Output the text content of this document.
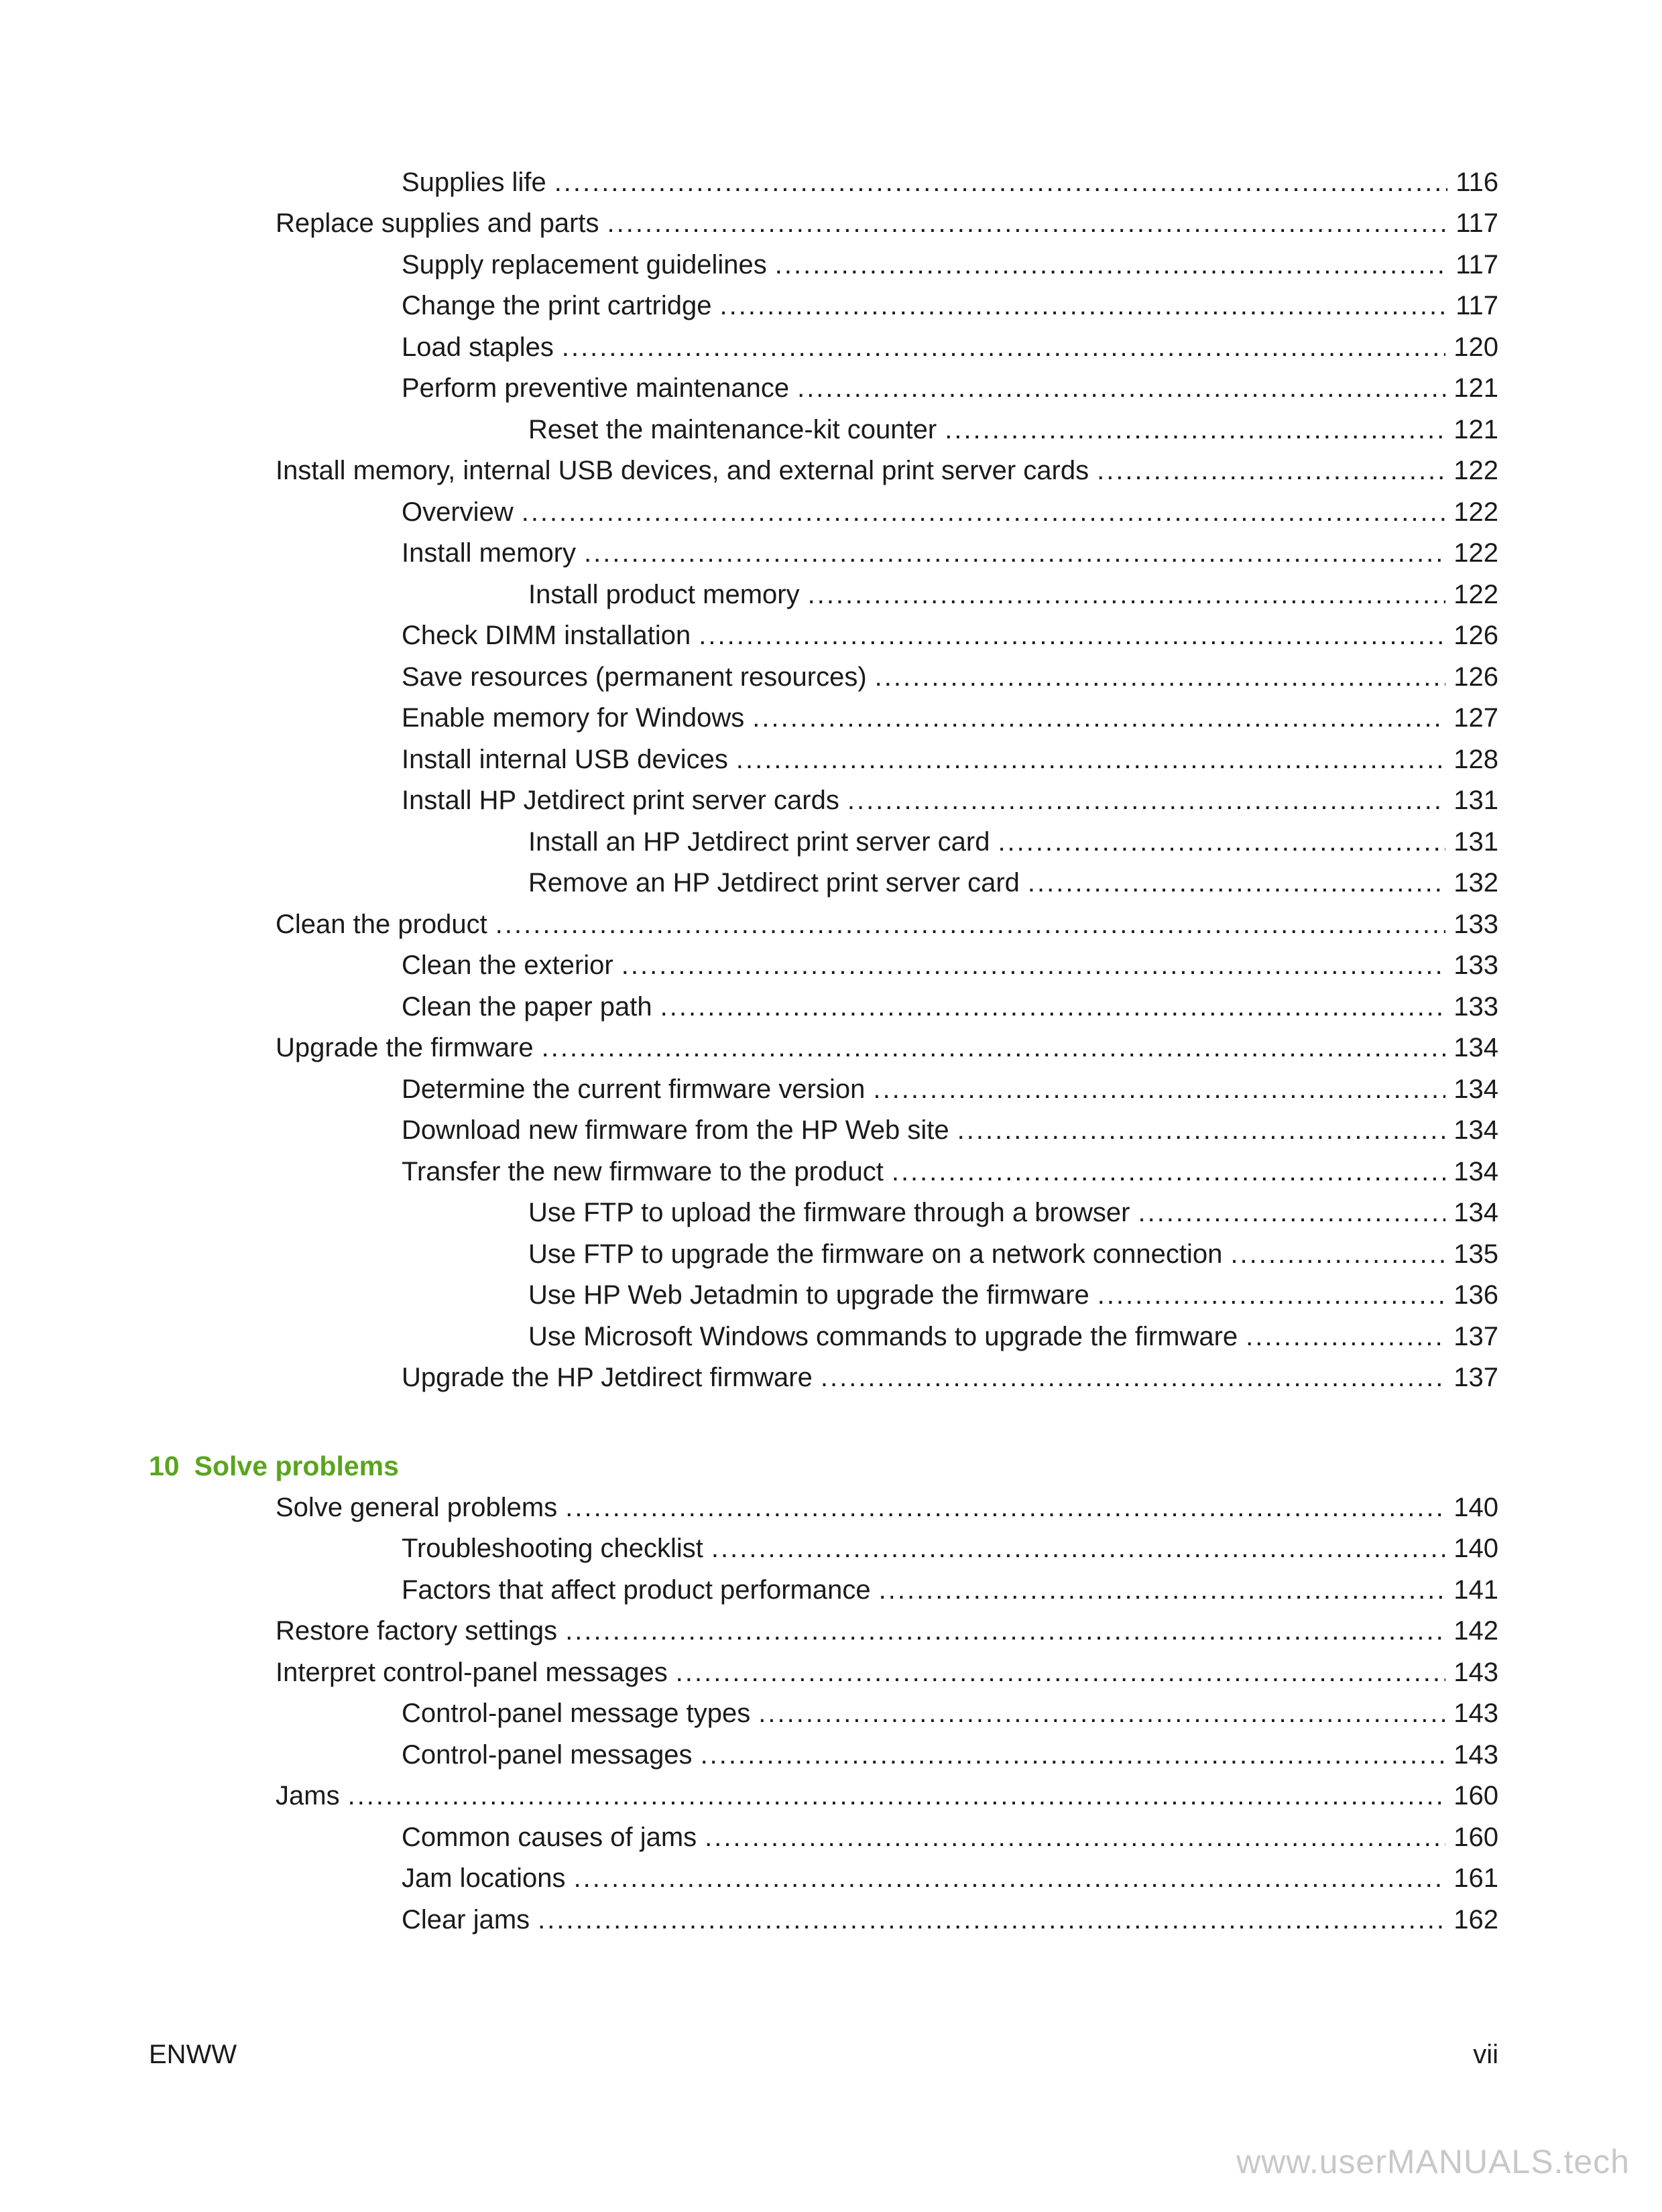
Supplies life .....	116
Replace supplies and parts .....	117
Supply replacement guidelines .....	117
Change the print cartridge .....	117
Load staples .....	120
Perform preventive maintenance .....	121
Reset the maintenance-kit counter .....	121
Install memory, internal USB devices, and external print server cards .....	122
Overview .....	122
Install memory .....	122
Install product memory .....	122
Check DIMM installation .....	126
Save resources (permanent resources) .....	126
Enable memory for Windows .....	127
Install internal USB devices .....	128
Install HP Jetdirect print server cards .....	131
Install an HP Jetdirect print server card .....	131
Remove an HP Jetdirect print server card .....	132
Clean the product .....	133
Clean the exterior .....	133
Clean the paper path .....	133
Upgrade the firmware .....	134
Determine the current firmware version .....	134
Download new firmware from the HP Web site .....	134
Transfer the new firmware to the product .....	134
Use FTP to upload the firmware through a browser .....	134
Use FTP to upgrade the firmware on a network connection .....	135
Use HP Web Jetadmin to upgrade the firmware .....	136
Use Microsoft Windows commands to upgrade the firmware .....	137
Upgrade the HP Jetdirect firmware .....	137
10 Solve problems
Solve general problems .....	140
Troubleshooting checklist .....	140
Factors that affect product performance .....	141
Restore factory settings .....	142
Interpret control-panel messages .....	143
Control-panel message types .....	143
Control-panel messages .....	143
Jams .....	160
Common causes of jams .....	160
Jam locations .....	161
Clear jams .....	162
ENWW	vii
www.userMANUALS.tech
